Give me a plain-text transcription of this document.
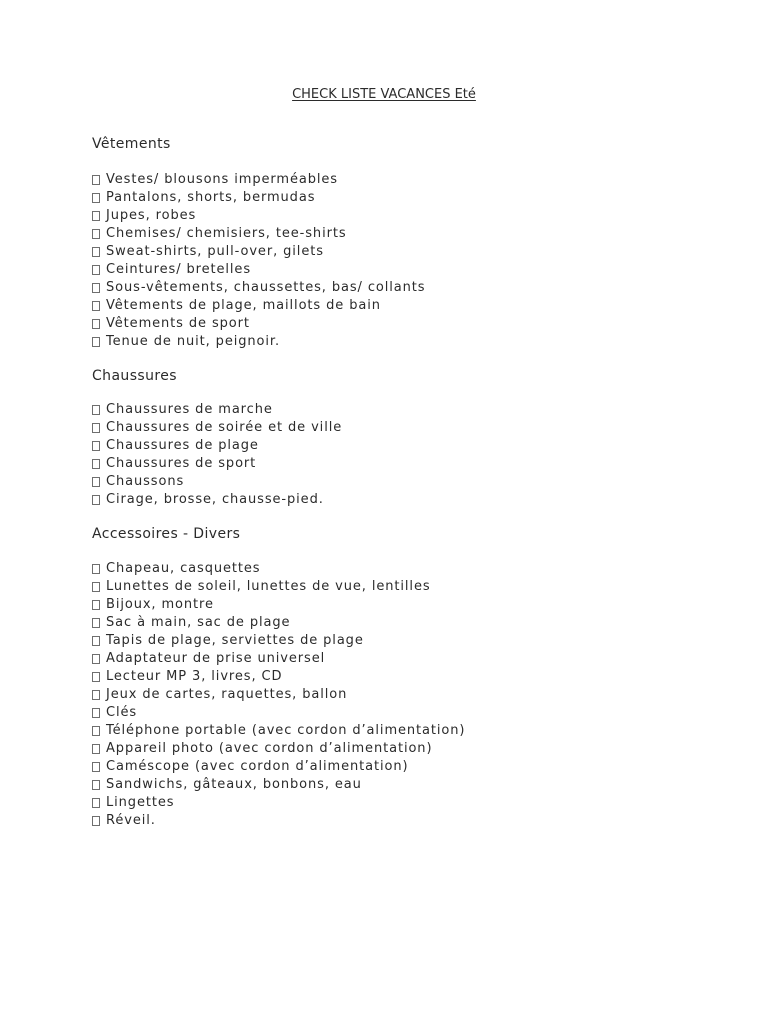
CHECK LISTE VACANCES Eté
Vêtements
Vestes/ blousons imperméables
Pantalons, shorts, bermudas
Jupes, robes
Chemises/ chemisiers, tee-shirts
Sweat-shirts, pull-over, gilets
Ceintures/ bretelles
Sous-vêtements, chaussettes, bas/ collants
Vêtements de plage, maillots de bain
Vêtements de sport
Tenue de nuit, peignoir.
Chaussures
Chaussures de marche
Chaussures de soirée et de ville
Chaussures de plage
Chaussures de sport
Chaussons
Cirage, brosse, chausse-pied.
Accessoires - Divers
Chapeau, casquettes
Lunettes de soleil, lunettes de vue, lentilles
Bijoux, montre
Sac à main, sac de plage
Tapis de plage, serviettes de plage
Adaptateur de prise universel
Lecteur MP 3, livres, CD
Jeux de cartes, raquettes, ballon
Clés
Téléphone portable (avec cordon d’alimentation)
Appareil photo (avec cordon d’alimentation)
Caméscope (avec cordon d’alimentation)
Sandwichs, gâteaux, bonbons, eau
Lingettes
Réveil.
